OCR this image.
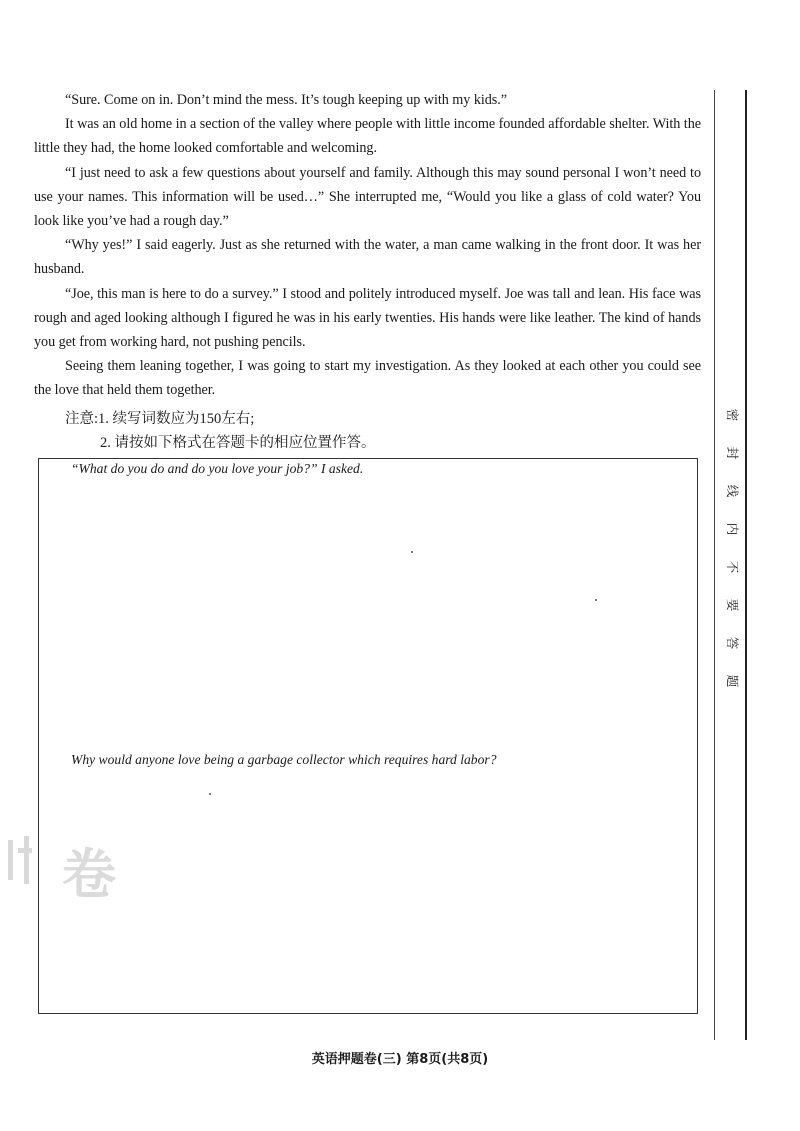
“Sure. Come on in. Don’t mind the mess. It’s tough keeping up with my kids.”

It was an old home in a section of the valley where people with little income founded affordable shelter. With the little they had, the home looked comfortable and welcoming.

“I just need to ask a few questions about yourself and family. Although this may sound personal I won’t need to use your names. This information will be used…” She interrupted me, “Would you like a glass of cold water? You look like you’ve had a rough day.”

“Why yes!” I said eagerly. Just as she returned with the water, a man came walking in the front door. It was her husband.

“Joe, this man is here to do a survey.” I stood and politely introduced myself. Joe was tall and lean. His face was rough and aged looking although I figured he was in his early twenties. His hands were like leather. The kind of hands you get from working hard, not pushing pencils.

Seeing them leaning together, I was going to start my investigation. As they looked at each other you could see the love that held them together.

注意:1. 续写词数应为150左右;
2. 请按如下格式在答题卡的相应位置作答。
“What do you do and do you love your job?” I asked.
Why would anyone love being a garbage collector which requires hard labor?
卷
密
封
线
内
不
要
答
题
英语押题卷(三) 第8页(共8页)
